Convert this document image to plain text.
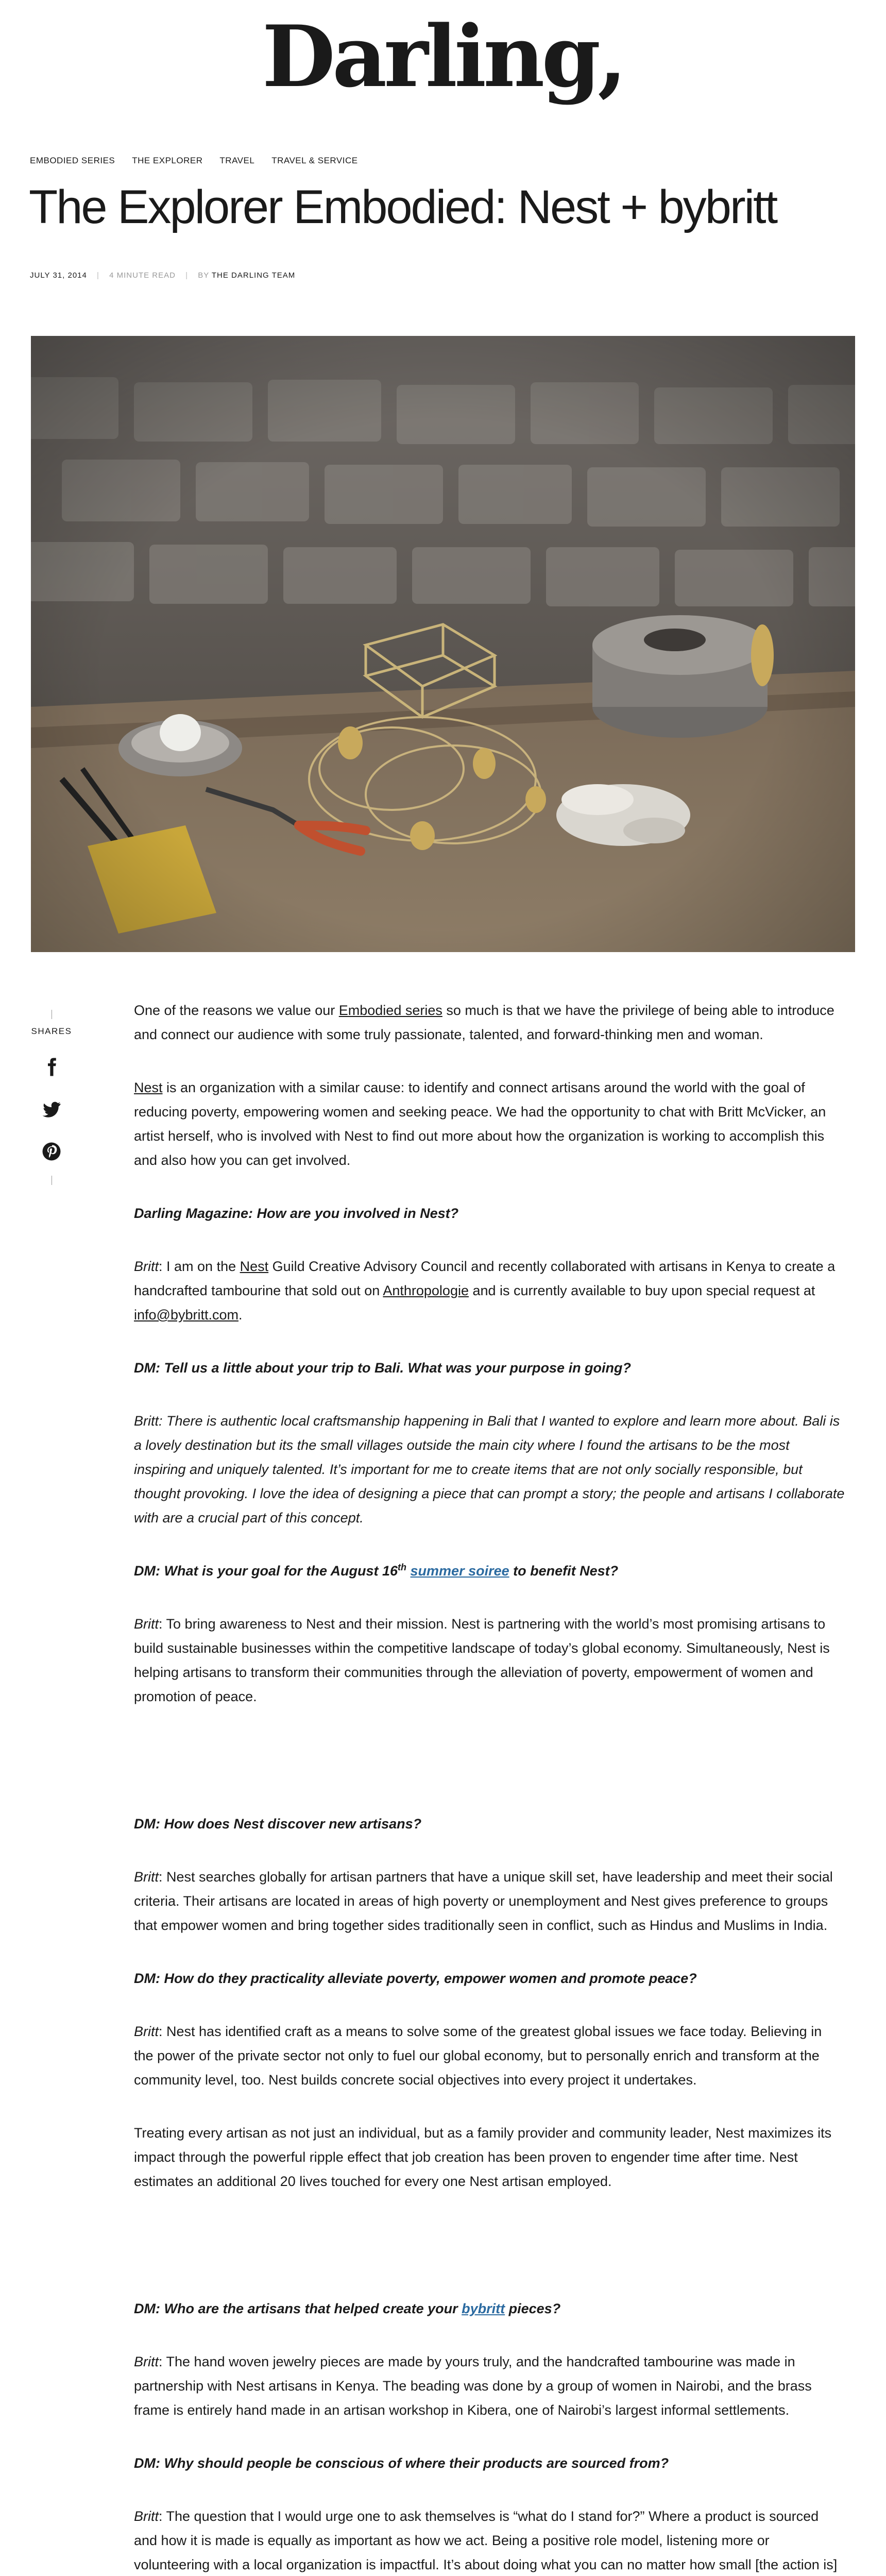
Darling,
EMBODIED SERIES THE EXPLORER TRAVEL TRAVEL & SERVICE
The Explorer Embodied: Nest + bybritt
JULY 31, 2014 | 4 MINUTE READ | BY THE DARLING TEAM
SHARES

One of the reasons we value our Embodied series so much is that we have the privilege of being able to introduce and connect our audience with some truly passionate, talented, and forward-thinking men and woman.

Nest is an organization with a similar cause: to identify and connect artisans around the world with the goal of reducing poverty, empowering women and seeking peace. We had the opportunity to chat with Britt McVicker, an artist herself, who is involved with Nest to find out more about how the organization is working to accomplish this and also how you can get involved.

Darling Magazine: How are you involved in Nest?

Britt: I am on the Nest Guild Creative Advisory Council and recently collaborated with artisans in Kenya to create a handcrafted tambourine that sold out on Anthropologie and is currently available to buy upon special request at info@bybritt.com.

DM: Tell us a little about your trip to Bali. What was your purpose in going?

Britt: There is authentic local craftsmanship happening in Bali that I wanted to explore and learn more about. Bali is a lovely destination but its the small villages outside the main city where I found the artisans to be the most inspiring and uniquely talented. It’s important for me to create items that are not only socially responsible, but thought provoking. I love the idea of designing a piece that can prompt a story; the people and artisans I collaborate with are a crucial part of this concept.

DM: What is your goal for the August 16th summer soiree to benefit Nest?

Britt: To bring awareness to Nest and their mission. Nest is partnering with the world’s most promising artisans to build sustainable businesses within the competitive landscape of today’s global economy. Simultaneously, Nest is helping artisans to transform their communities through the alleviation of poverty, empowerment of women and promotion of peace.

DM: How does Nest discover new artisans?

Britt: Nest searches globally for artisan partners that have a unique skill set, have leadership and meet their social criteria. Their artisans are located in areas of high poverty or unemployment and Nest gives preference to groups that empower women and bring together sides traditionally seen in conflict, such as Hindus and Muslims in India.

DM: How do they practicality alleviate poverty, empower women and promote peace?

Britt: Nest has identified craft as a means to solve some of the greatest global issues we face today. Believing in the power of the private sector not only to fuel our global economy, but to personally enrich and transform at the community level, too. Nest builds concrete social objectives into every project it undertakes.

Treating every artisan as not just an individual, but as a family provider and community leader, Nest maximizes its impact through the powerful ripple effect that job creation has been proven to engender time after time. Nest estimates an additional 20 lives touched for every one Nest artisan employed.

DM: Who are the artisans that helped create your bybritt pieces?

Britt: The hand woven jewelry pieces are made by yours truly, and the handcrafted tambourine was made in partnership with Nest artisans in Kenya. The beading was done by a group of women in Nairobi, and the brass frame is entirely hand made in an artisan workshop in Kibera, one of Nairobi’s largest informal settlements.

DM: Why should people be conscious of where their products are sourced from?

Britt: The question that I would urge one to ask themselves is “what do I stand for?” Where a product is sourced and how it is made is equally as important as how we act. Being a positive role model, listening more or volunteering with a local organization is impactful. It’s about doing what you can no matter how small [the action is]
